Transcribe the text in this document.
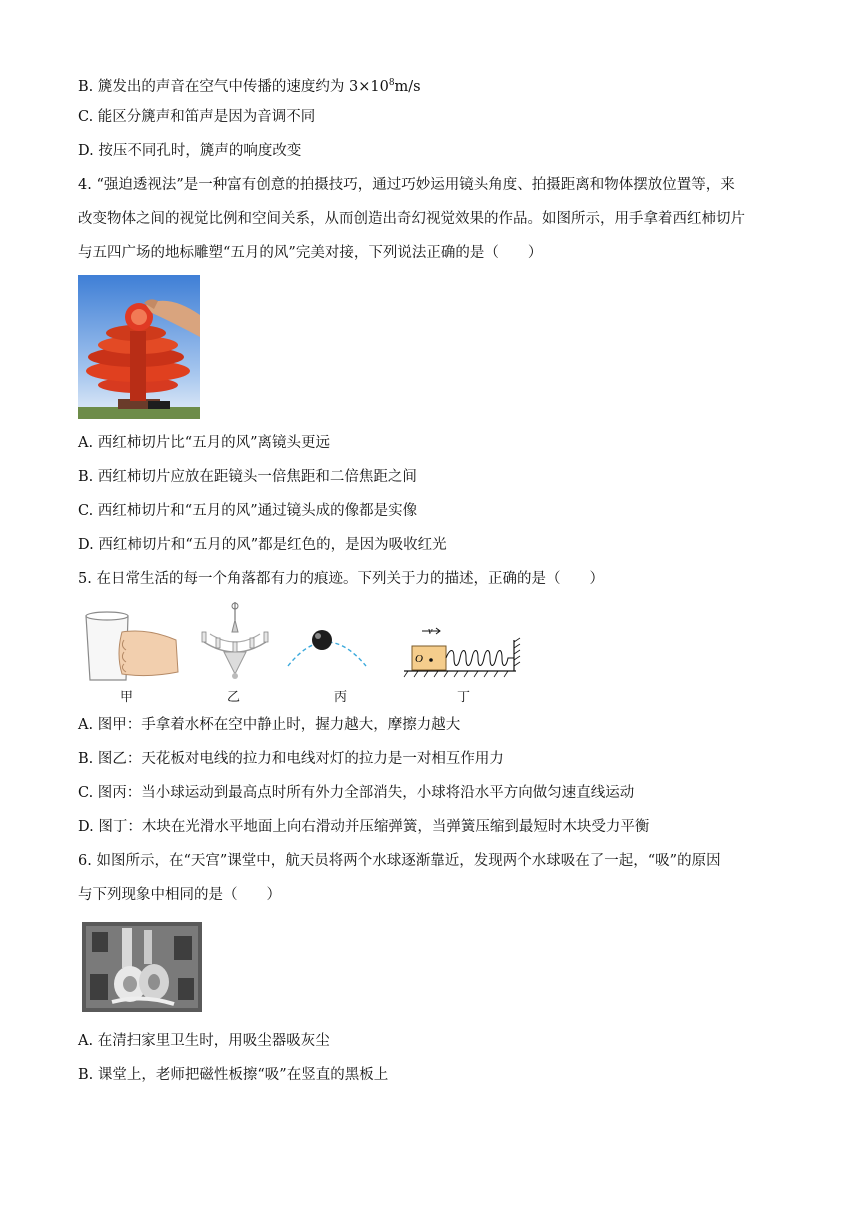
B. 篪发出的声音在空气中传播的速度约为 $3\times 10^8m/s$
C. 能区分篪声和笛声是因为音调不同
D. 按压不同孔时，篪声的响度改变
4. “强迫透视法”是一种富有创意的拍摄技巧，通过巧妙运用镜头角度、拍摄距离和物体摆放位置等，来
改变物体之间的视觉比例和空间关系，从而创造出奇幻视觉效果的作品。如图所示，用手拿着西红柿切片
与五四广场的地标雕塑“五月的风”完美对接，下列说法正确的是（　　）
A. 西红柿切片比“五月的风”离镜头更远
B. 西红柿切片应放在距镜头一倍焦距和二倍焦距之间
C. 西红柿切片和“五月的风”通过镜头成的像都是实像
D. 西红柿切片和“五月的风”都是红色的，是因为吸收红光
5. 在日常生活的每一个角落都有力的痕迹。下列关于力的描述，正确的是（　　）
v
O
甲	乙	丙	丁
A. 图甲：手拿着水杯在空中静止时，握力越大，摩擦力越大
B. 图乙：天花板对电线的拉力和电线对灯的拉力是一对相互作用力
C. 图丙：当小球运动到最高点时所有外力全部消失，小球将沿水平方向做匀速直线运动
D. 图丁：木块在光滑水平地面上向右滑动并压缩弹簧，当弹簧压缩到最短时木块受力平衡
6. 如图所示，在“天宫”课堂中，航天员将两个水球逐渐靠近，发现两个水球吸在了一起，“吸”的原因
与下列现象中相同的是（　　）
A. 在清扫家里卫生时，用吸尘器吸灰尘
B. 课堂上，老师把磁性板擦“吸”在竖直的黑板上
